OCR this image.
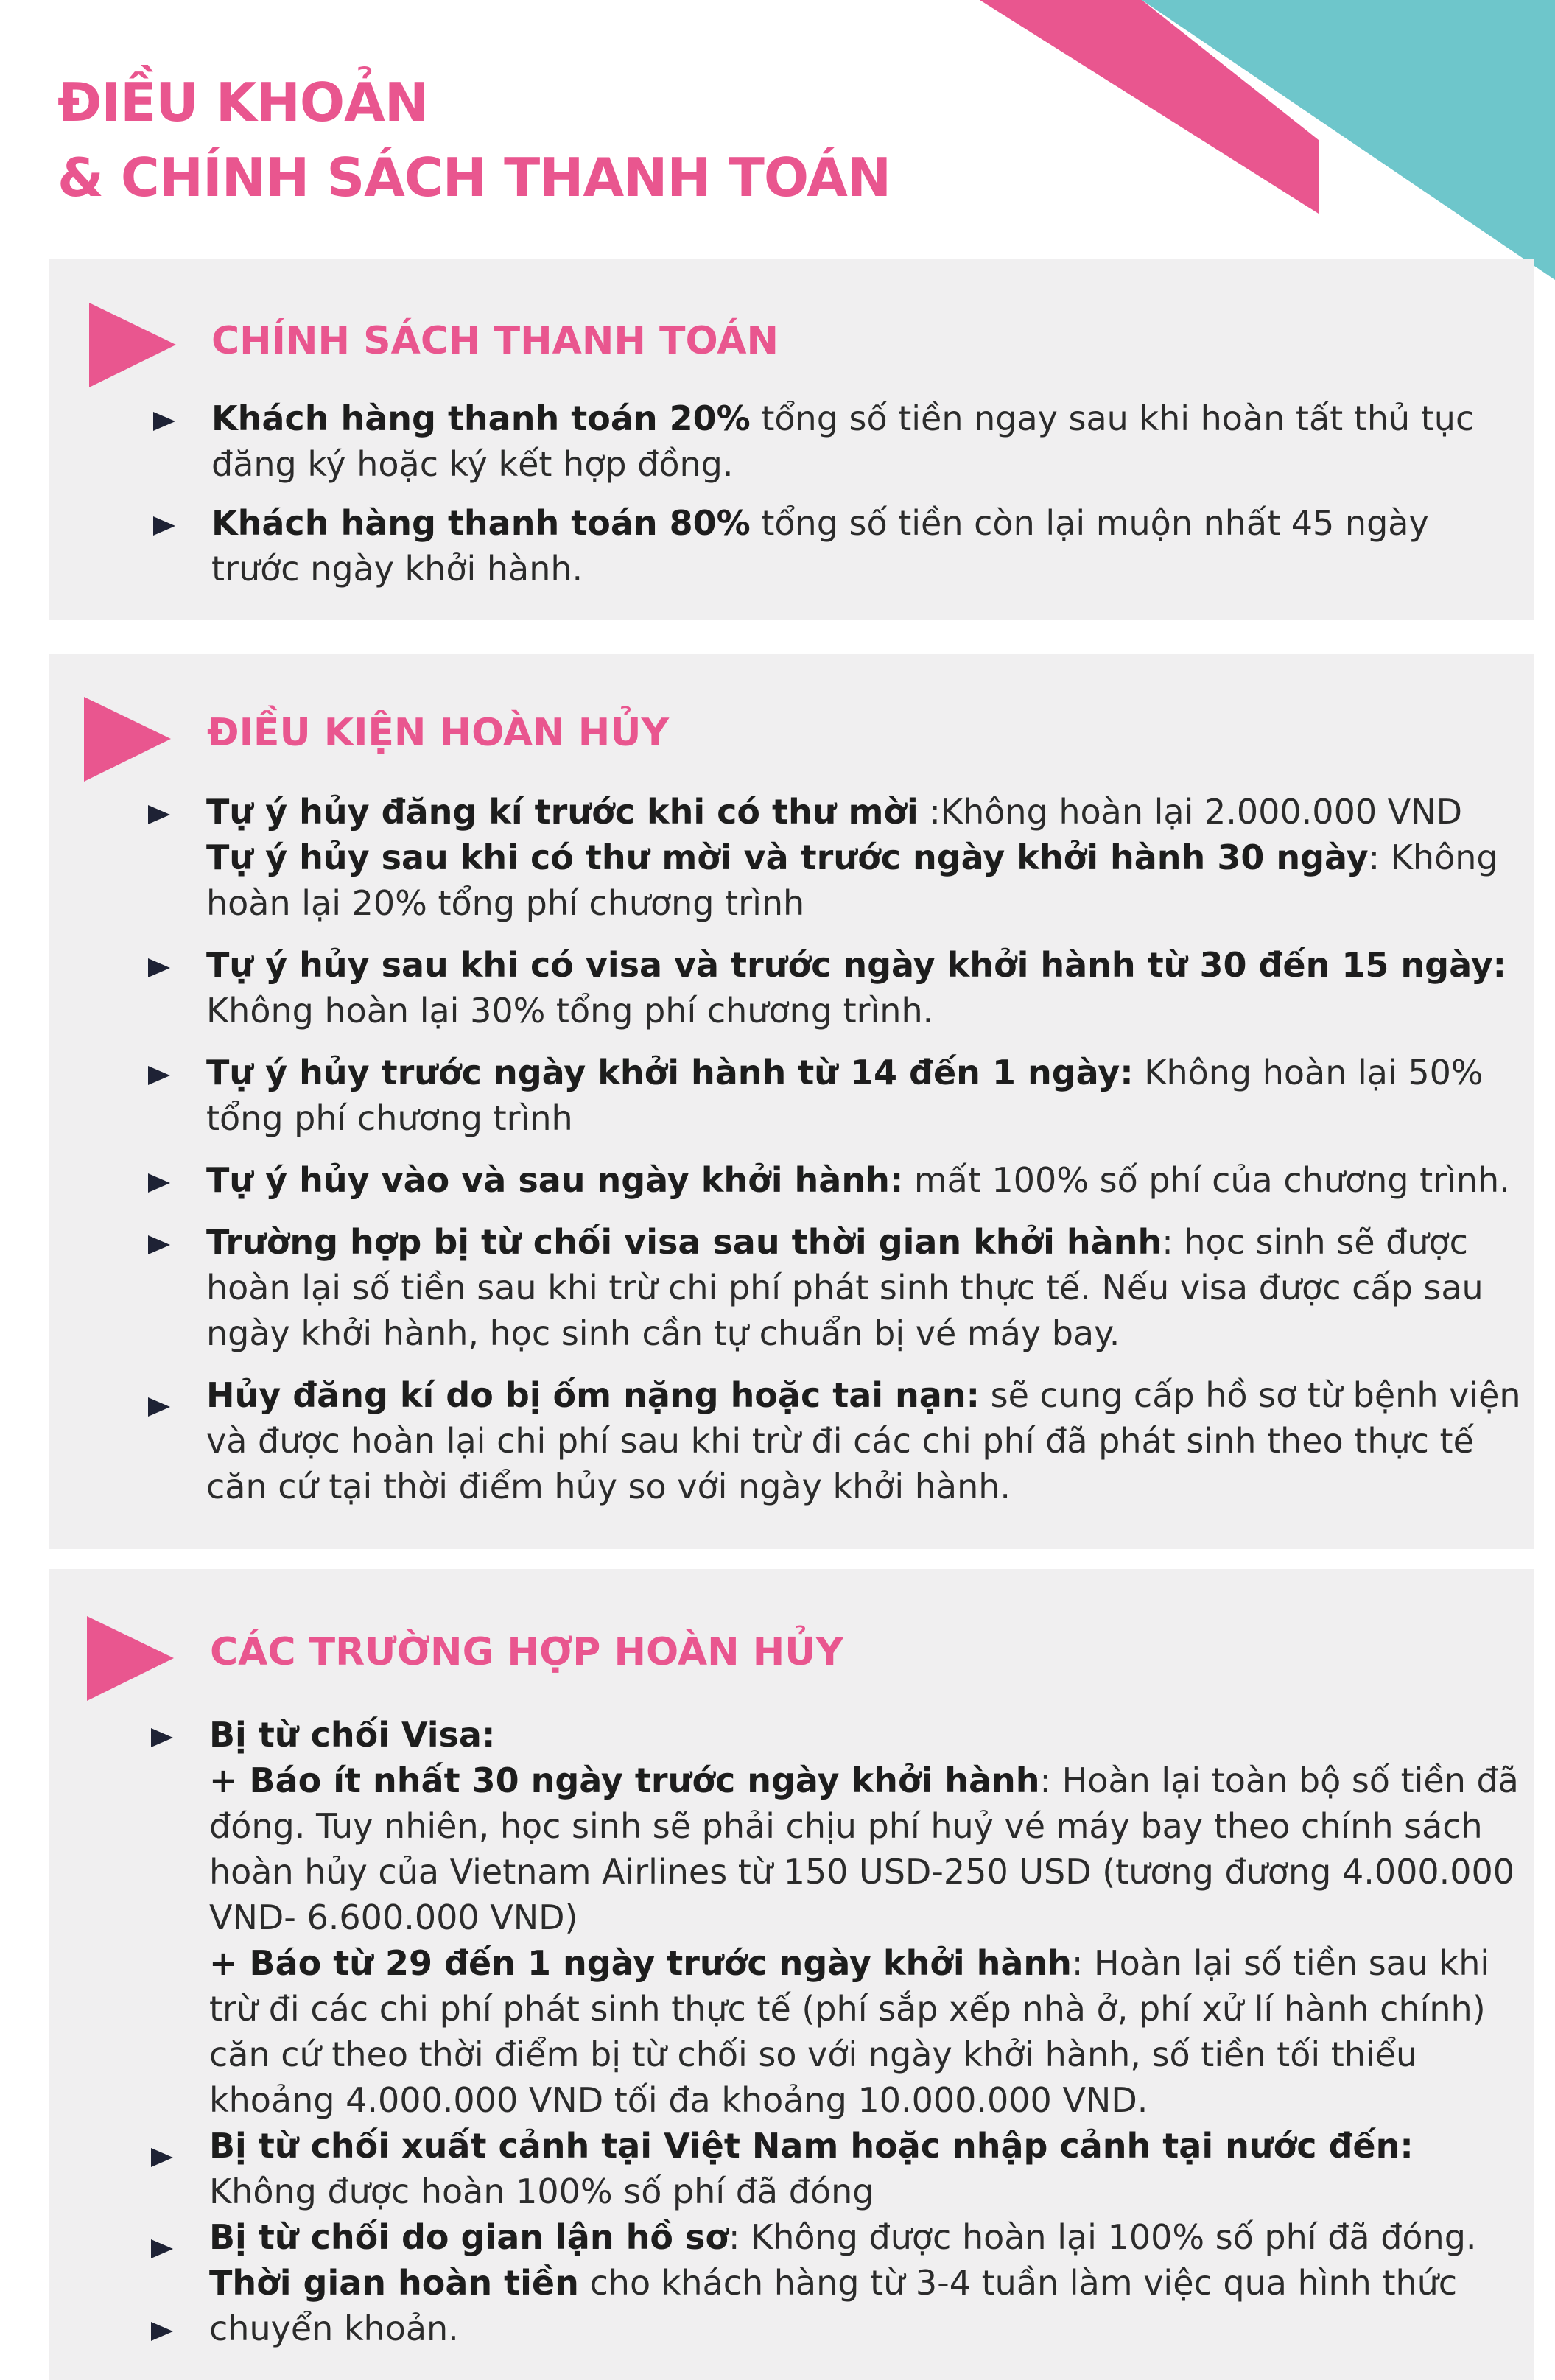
ĐIỀU KHOẢN
& CHÍNH SÁCH THANH TOÁN
CHÍNH SÁCH THANH TOÁN
Khách hàng thanh toán 20% tổng số tiền ngay sau khi hoàn tất thủ tục đăng ký hoặc ký kết hợp đồng.
Khách hàng thanh toán 80% tổng số tiền còn lại muộn nhất 45 ngày trước ngày khởi hành.
ĐIỀU KIỆN HOÀN HỦY
Tự ý hủy đăng kí trước khi có thư mời :Không hoàn lại 2.000.000 VND
Tự ý hủy sau khi có thư mời và trước ngày khởi hành 30 ngày: Không hoàn lại 20% tổng phí chương trình
Tự ý hủy sau khi có visa và trước ngày khởi hành từ 30 đến 15 ngày: Không hoàn lại 30% tổng phí chương trình.
Tự ý hủy trước ngày khởi hành từ 14 đến 1 ngày: Không hoàn lại 50% tổng phí chương trình
Tự ý hủy vào và sau ngày khởi hành: mất 100% số phí của chương trình.
Trường hợp bị từ chối visa sau thời gian khởi hành: học sinh sẽ được hoàn lại số tiền sau khi trừ chi phí phát sinh thực tế. Nếu visa được cấp sau ngày khởi hành, học sinh cần tự chuẩn bị vé máy bay.
Hủy đăng kí do bị ốm nặng hoặc tai nạn: sẽ cung cấp hồ sơ từ bệnh viện và được hoàn lại chi phí sau khi trừ đi các chi phí đã phát sinh theo thực tế căn cứ tại thời điểm hủy so với ngày khởi hành.
CÁC TRƯỜNG HỢP HOÀN HỦY
Bị từ chối Visa:
+ Báo ít nhất 30 ngày trước ngày khởi hành: Hoàn lại toàn bộ số tiền đã đóng. Tuy nhiên, học sinh sẽ phải chịu phí huỷ vé máy bay theo chính sách hoàn hủy của Vietnam Airlines từ 150 USD-250 USD (tương đương 4.000.000 VND- 6.600.000 VND)
+ Báo từ 29 đến 1 ngày trước ngày khởi hành: Hoàn lại số tiền sau khi trừ đi các chi phí phát sinh thực tế (phí sắp xếp nhà ở, phí xử lí hành chính) căn cứ theo thời điểm bị từ chối so với ngày khởi hành, số tiền tối thiểu khoảng 4.000.000 VND tối đa khoảng 10.000.000 VND.
Bị từ chối xuất cảnh tại Việt Nam hoặc nhập cảnh tại nước đến: Không được hoàn 100% số phí đã đóng
Bị từ chối do gian lận hồ sơ: Không được hoàn lại 100% số phí đã đóng.
Thời gian hoàn tiền cho khách hàng từ 3-4 tuần làm việc qua hình thức chuyển khoản.
